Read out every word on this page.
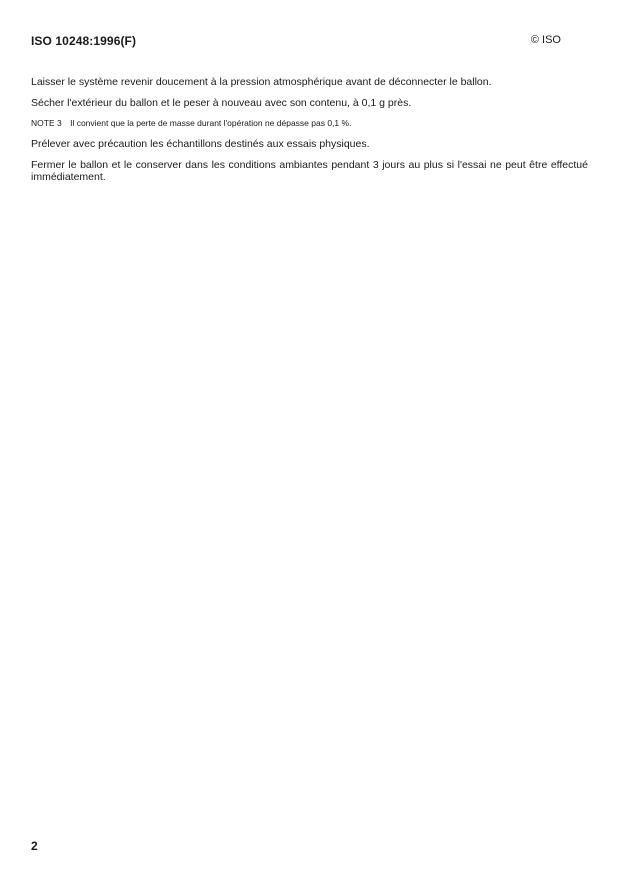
ISO 10248:1996(F)	© ISO

Laisser le système revenir doucement à la pression atmosphérique avant de déconnecter le ballon.

Sécher l'extérieur du ballon et le peser à nouveau avec son contenu, à 0,1 g près.

NOTE 3 Il convient que la perte de masse durant l'opération ne dépasse pas 0,1 %.

Prélever avec précaution les échantillons destinés aux essais physiques.

Fermer le ballon et le conserver dans les conditions ambiantes pendant 3 jours au plus si l'essai ne peut être effectué immédiatement.

2
